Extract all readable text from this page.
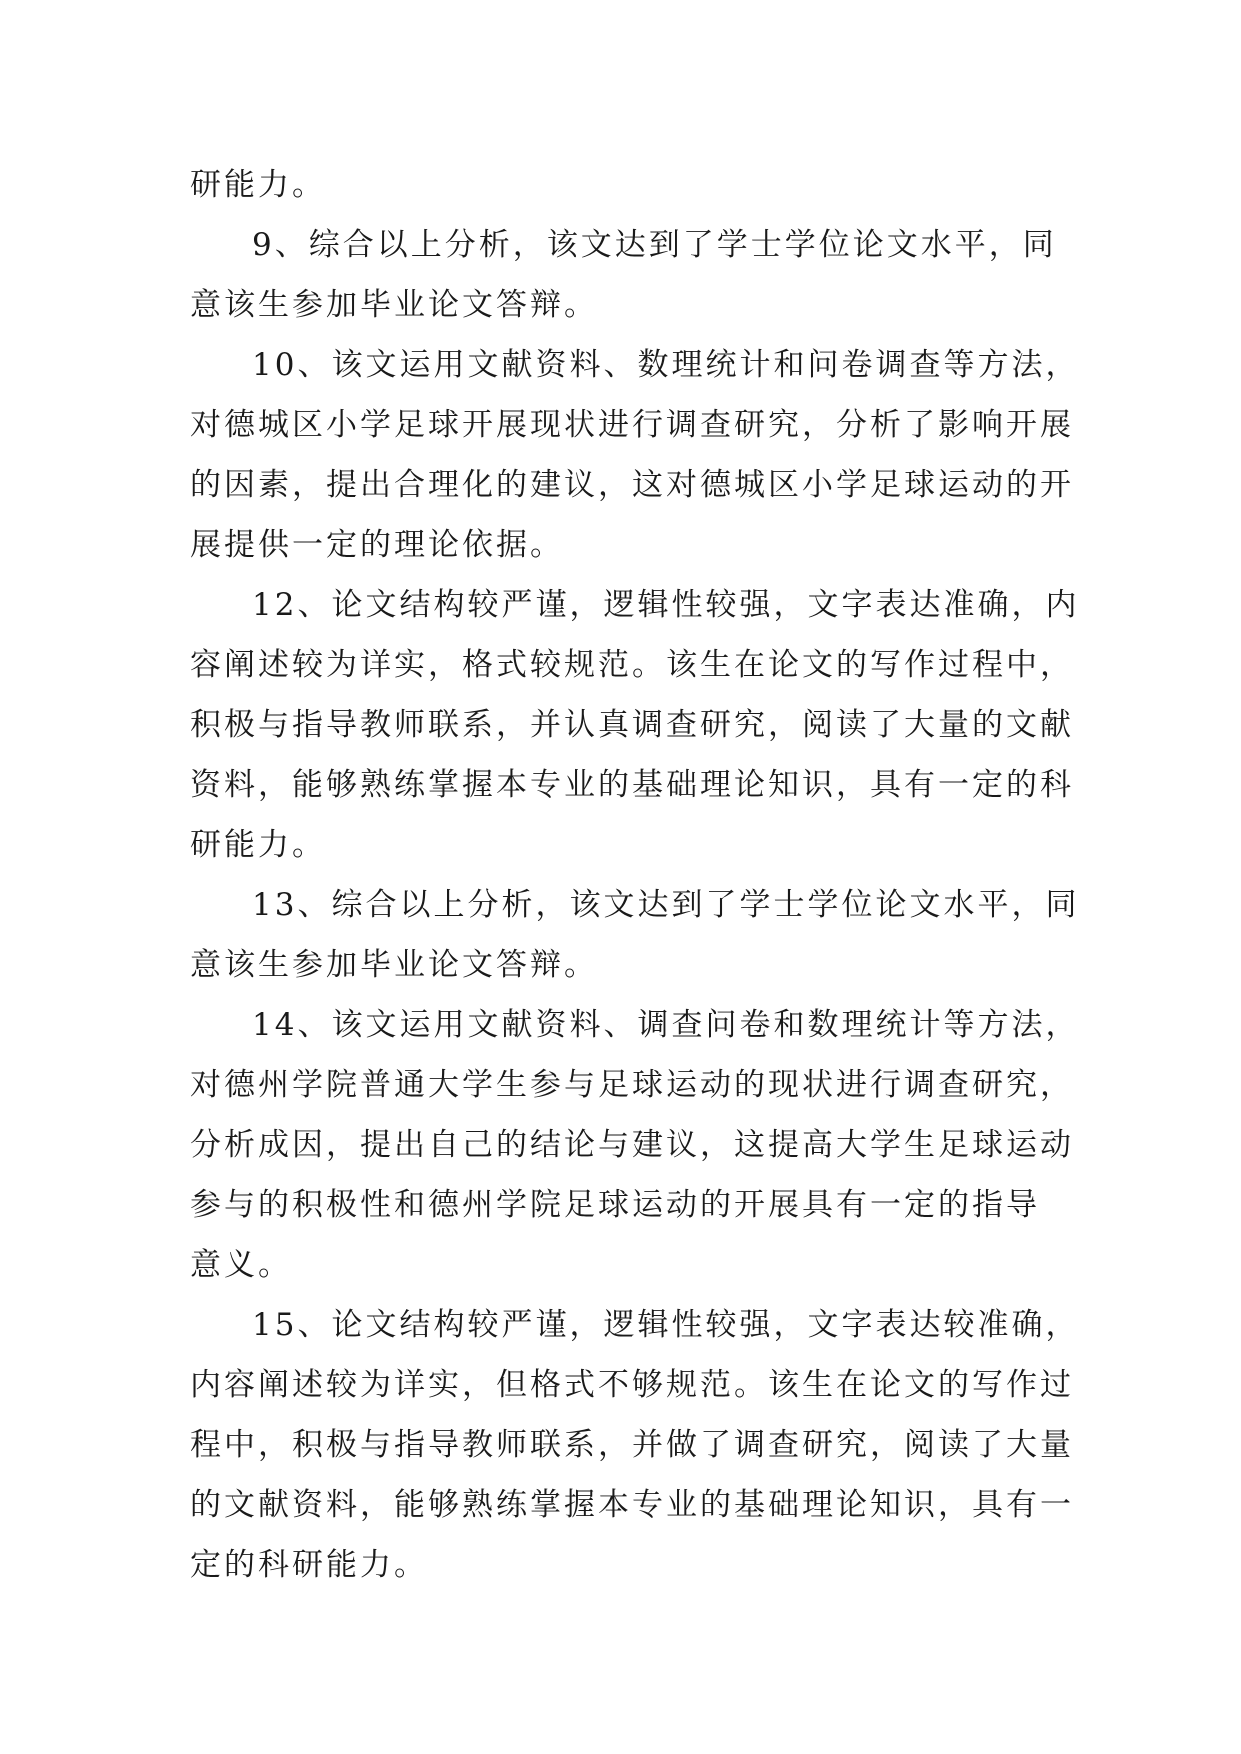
研能力。
9、综合以上分析，该文达到了学士学位论文水平，同
意该生参加毕业论文答辩。
10、该文运用文献资料、数理统计和问卷调查等方法，
对德城区小学足球开展现状进行调查研究，分析了影响开展
的因素，提出合理化的建议，这对德城区小学足球运动的开
展提供一定的理论依据。
12、论文结构较严谨，逻辑性较强，文字表达准确，内
容阐述较为详实，格式较规范。该生在论文的写作过程中，
积极与指导教师联系，并认真调查研究，阅读了大量的文献
资料，能够熟练掌握本专业的基础理论知识，具有一定的科
研能力。
13、综合以上分析，该文达到了学士学位论文水平，同
意该生参加毕业论文答辩。
14、该文运用文献资料、调查问卷和数理统计等方法，
对德州学院普通大学生参与足球运动的现状进行调查研究，
分析成因，提出自己的结论与建议，这提高大学生足球运动
参与的积极性和德州学院足球运动的开展具有一定的指导
意义。
15、论文结构较严谨，逻辑性较强，文字表达较准确，
内容阐述较为详实，但格式不够规范。该生在论文的写作过
程中，积极与指导教师联系，并做了调查研究，阅读了大量
的文献资料，能够熟练掌握本专业的基础理论知识，具有一
定的科研能力。
